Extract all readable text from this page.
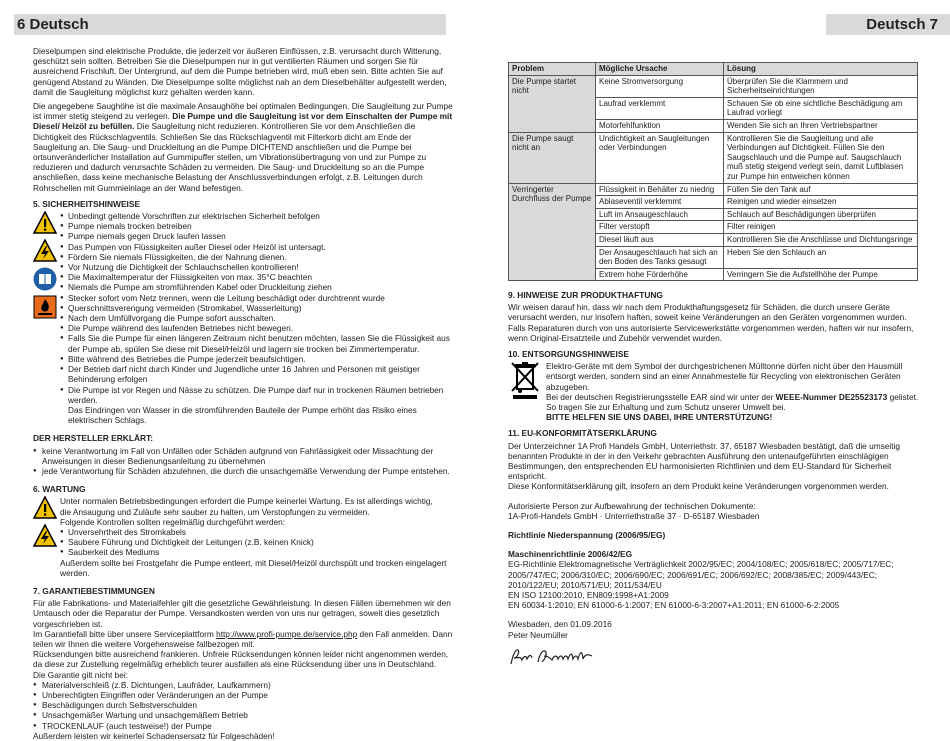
6 Deutsch	Deutsch 7

Dieselpumpen sind elektrische Produkte, die jederzeit vor äußeren Einflüssen, z.B. verursacht durch Witterung, geschützt sein sollten. Betreiben Sie die Dieselpumpen nur in gut ventilierten Räumen und sorgen Sie für ausreichend Frischluft. Der Untergrund, auf dem die Pumpe betrieben wird, muß eben sein. Bitte achten Sie auf genügend Abstand zu Wänden. Die Dieselpumpe sollte möglichst nah an dem Dieselbehälter aufgestellt werden, damit die Saugleitung möglichst kurz gehalten werden kann.

Die angegebene Saughöhe ist die maximale Ansaughöhe bei optimalen Bedingungen. Die Saugleitung zur Pumpe ist immer stetig steigend zu verlegen. Die Pumpe und die Saugleitung ist vor dem Einschalten der Pumpe mit Diesel/ Heizöl zu befüllen. Die Saugleitung nicht reduzieren. Kontrollieren Sie vor dem Anschließen die Dichtigkeit des Rückschlagventils. Schließen Sie das Rückschlagventil mit Filterkorb dicht am Ende der Saugleitung an. Die Saug- und Druckleitung an die Pumpe DICHTEND anschließen und die Pumpe bei ortsunveränderlicher Installation auf Gummipuffer stellen, um Vibrationsübertragung von und zur Pumpe zu reduzieren und dadurch verursachte Schäden zu vermeiden. Die Saug- und Druckleitung so an die Pumpe anschließen, dass keine mechanische Belastung der Anschlussverbindungen erfolgt, z.B. Leitungen durch Rohrschellen mit Gummieinlage an der Wand befestigen.

5. SICHERHEITSHINWEISE
● Unbedingt geltende Vorschriften zur elektrischen Sicherheit befolgen
● Pumpe niemals trocken betreiben
● Pumpe niemals gegen Druck laufen lassen
● Das Pumpen von Flüssigkeiten außer Diesel oder Heizöl ist untersagt.
● Fördern Sie niemals Flüssigkeiten, die der Nahrung dienen.
● Vor Nutzung die Dichtigkeit der Schlauchschellen kontrollieren!
● Die Maximaltemperatur der Flüssigkeiten von max. 35°C beachten
● Niemals die Pumpe am stromführenden Kabel oder Druckleitung ziehen
● Stecker sofort vom Netz trennen, wenn die Leitung beschädigt oder durchtrennt wurde
● Querschnittsverengung vermeiden (Stromkabel, Wasserleitung)
● Nach dem Umfüllvorgang die Pumpe sofort ausschalten.
● Die Pumpe während des laufenden Betriebes nicht bewegen.
● Falls Sie die Pumpe für einen längeren Zeitraum nicht benutzen möchten, lassen Sie die Flüssigkeit aus der Pumpe ab, spülen Sie diese mit Diesel/Heizöl und lagern sie trocken bei Zimmertemperatur.
● Bitte während des Betriebes die Pumpe jederzeit beaufsichtigen.
● Der Betrieb darf nicht durch Kinder und Jugendliche unter 16 Jahren und Personen mit geistiger Behinderung erfolgen
● Die Pumpe ist vor Regen und Nässe zu schützen. Die Pumpe darf nur in trockenen Räumen betrieben werden.
Das Eindringen von Wasser in die stromführenden Bauteile der Pumpe erhöht das Risiko eines elektrischen Schlags.
DER HERSTELLER ERKLÄRT:
● keine Verantwortung im Fall von Unfällen oder Schäden aufgrund von Fahrlässigkeit oder Missachtung der Anweisungen in dieser Bedienungsanleitung zu übernehmen
● jede Verantwortung für Schäden abzulehnen, die durch die unsachgemäße Verwendung der Pumpe entstehen.
6. WARTUNG
Unter normalen Betriebsbedingungen erfordert die Pumpe keinerlei Wartung. Es ist allerdings wichtig,
die Ansaugung und Zuläufe sehr sauber zu halten, um Verstopfungen zu vermeiden.
Folgende Kontrollen sollten regelmäßig durchgeführt werden:
● Unversehrtheit des Stromkabels
● Saubere Führung und Dichtigkeit der Leitungen (z.B. keinen Knick)
● Sauberkeit des Mediums
Außerdem sollte bei Frostgefahr die Pumpe entleert, mit Diesel/Heizöl durchspült und trocken eingelagert werden.
7. GARANTIEBESTIMMUNGEN
Für alle Fabrikations- und Materialfehler gilt die gesetzliche Gewährleistung. In diesen Fällen übernehmen wir den Umtausch oder die Reparatur der Pumpe. Versandkosten werden von uns nur getragen, soweit dies gesetzlich vorgeschrieben ist.
Im Garantiefall bitte über unsere Serviceplattform http://www.profi-pumpe.de/service.php den Fall anmelden. Dann teilen wir Ihnen die weitere Vorgehensweise fallbezogen mit.
Rücksendungen bitte ausreichend frankieren. Unfreie Rücksendungen können leider nicht angenommen werden, da diese zur Zustellung regelmäßig erheblich teurer ausfallen als eine Rücksendung über uns in Deutschland.
Die Garantie gilt nicht bei:
● Materialverschleiß (z.B. Dichtungen, Laufräder, Laufkammern)
● Unberechtigten Eingriffen oder Veränderungen an der Pumpe
● Beschädigungen durch Selbstverschulden
● Unsachgemäßer Wartung und unsachgemäßem Betrieb
● TROCKENLAUF (auch testweise!) der Pumpe
Außerdem leisten wir keinerlei Schadensersatz für Folgeschäden!
Problem	Mögliche Ursache	Lösung
Die Pumpe startet nicht	Keine Stromversorgung	Überprüfen Sie die Klammern und Sicherheitseinrichtungen
	Laufrad verklemmt	Schauen Sie ob eine sichtliche Beschädigung am Laufrad vorliegt
	Motorfehlfunktion	Wenden Sie sich an Ihren Vertriebspartner
Die Pumpe saugt nicht an	Undichtigkeit an Saugleitungen oder Verbindungen	Kontrollieren Sie die Saugleitung und alle Verbindungen auf Dichtigkeit. Füllen Sie den Saugschlauch und die Pumpe auf. Saugschlauch muß stetig steigend verlegt sein, damit Luftblasen zur Pumpe hin entweichen können
Verringerter Durchfluss der Pumpe	Flüssigkeit in Behälter zu niedrig	Füllen Sie den Tank auf
	Ablaseventil verklemmt	Reinigen und wieder einsetzen
	Luft im Ansaugeschlauch	Schlauch auf Beschädigungen überprüfen
	Filter verstopft	Filter reinigen
	Diesel läuft aus	Kontrollieren Sie die Anschlüsse und Dichtungsringe
	Der Ansaugeschlauch hat sich an den Boden des Tanks gesaugt	Heben Sie den Schlauch an
	Extrem hohe Förderhöhe	Verringern Sie die Aufstellhöhe der Pumpe
9. HINWEISE ZUR PRODUKTHAFTUNG

Wir weisen darauf hin, dass wir nach dem Produkthaftungsgesetz für Schäden, die durch unsere Geräte verursacht werden, nur insofern haften, soweit keine Veränderungen an den Geräten vorgenommen wurden. Falls Reparaturen durch von uns autorisierte Servicewerkstätte vorgenommen werden, haften wir nur insofern, wenn Original-Ersatzteile und Zubehör verwendet wurden.

10. ENTSORGUNGSHINWEISE
Elektro-Geräte mit dem Symbol der durchgestrichenen Mülltonne dürfen nicht über den Hausmüll entsorgt werden, sondern sind an einer Annahmestelle für Recycling von elektronischen Geräten abzugeben.
Bei der deutschen Registrierungsstelle EAR sind wir unter der WEEE-Nummer DE25523173 gelistet. So tragen Sie zur Erhaltung und zum Schutz unserer Umwelt bei.
BITTE HELFEN SIE UNS DABEI, IHRE UNTERSTÜTZUNG!
11. EU-KONFORMITÄTSERKLÄRUNG
Der Unterzeichner 1A Profi Handels GmbH, Unterriethstr. 37, 65187 Wiesbaden bestätigt, daß die umseitig benannten Produkte in der in den Verkehr gebrachten Ausführung den untenaufgeführten einschlägigen Bestimmungen, den entsprechenden EU harmonisierten Richtlinien und dem EU-Standard für Sicherheit entspricht.
Diese Konformitätserklärung gilt, insofern an dem Produkt keine Veränderungen vorgenommen werden.
Autorisierte Person zur Aufbewahrung der technischen Dokumente:
1A-Profi-Handels GmbH · Unterriethstraße 37 · D-65187 Wiesbaden
Richtlinie Niederspannung (2006/95/EG)
Maschinenrichtlinie 2006/42/EG
EG-Richtlinie Elektromagnetische Verträglichkeit 2002/95/EC; 2004/108/EC; 2005/618/EC; 2005/717/EC; 2005/747/EC; 2006/310/EC; 2006/690/EC; 2006/691/EC; 2006/692/EC; 2008/385/EC; 2009/443/EC; 2010/122/EU; 2010/571/EU; 2011/534/EU
EN ISO 12100:2010, EN809:1998+A1:2009
EN 60034-1:2010; EN 61000-6-1:2007; EN 61000-6-3:2007+A1:2011; EN 61000-6-2:2005
Wiesbaden, den 01.09.2016
Peter Neumüller
